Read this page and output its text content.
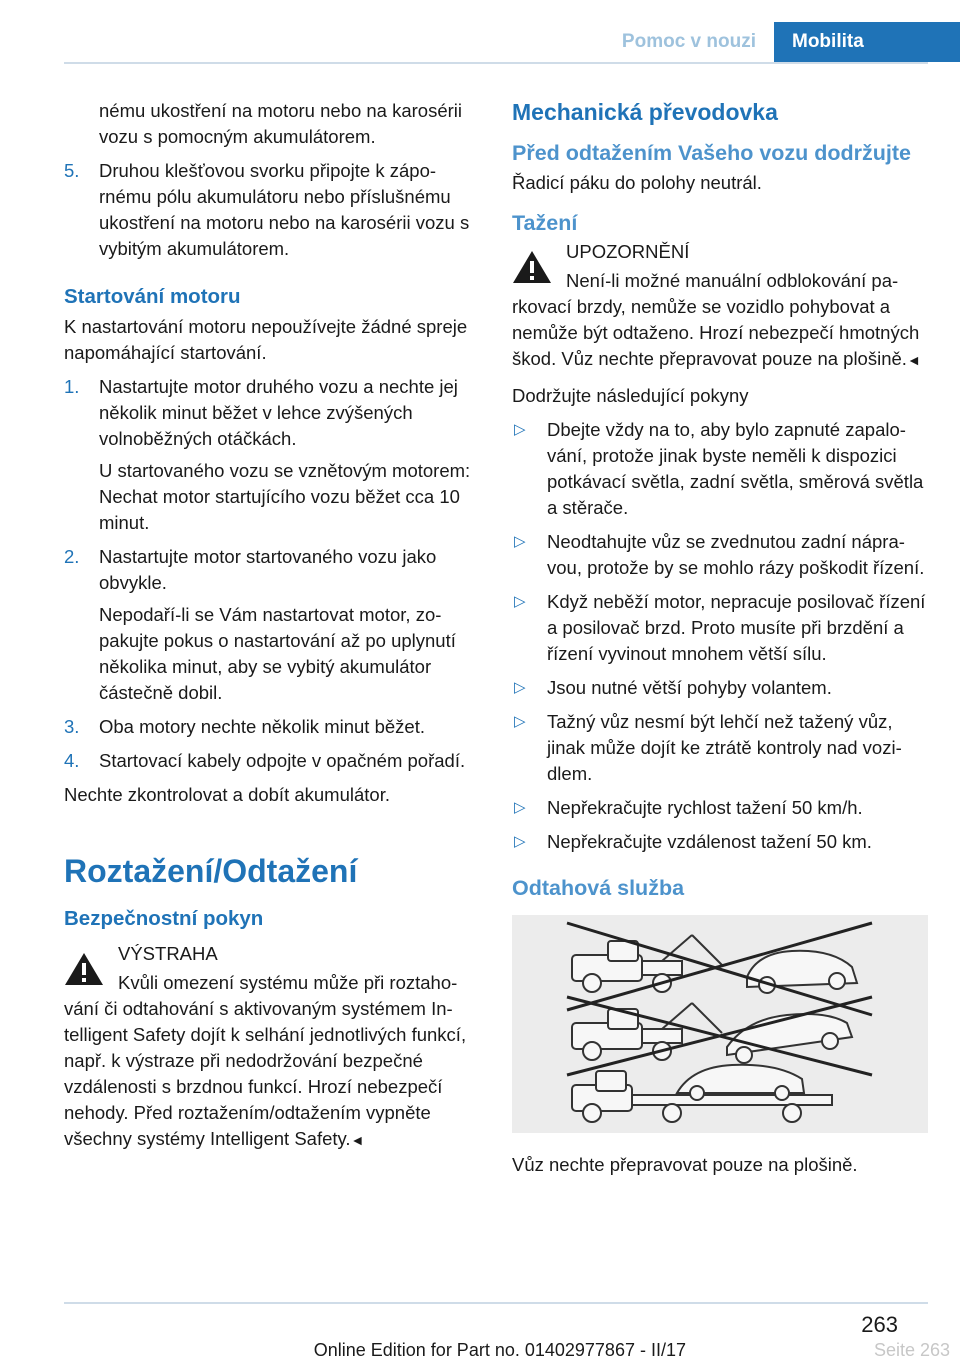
Pomoc v nouzi	Mobilita
nému ukostření na motoru nebo na karosérii vozu s pomocným akumulátorem.
5. Druhou klešťovou svorku připojte k zápornému pólu akumulátoru nebo příslušnému ukostření na motoru nebo na karosérii vozu s vybitým akumulátorem.
Startování motoru

K nastartování motoru nepoužívejte žádné spreje napomáhající startování.

1. Nastartujte motor druhého vozu a nechte jej několik minut běžet v lehce zvýšených volnoběžných otáčkách.
U startovaného vozu se vznětovým motorem: Nechat motor startujícího vozu běžet cca 10 minut.
2. Nastartujte motor startovaného vozu jako obvykle.
Nepodaří-li se Vám nastartovat motor, zopakujte pokus o nastartování až po uplynutí několika minut, aby se vybitý akumulátor částečně dobil.
3. Oba motory nechte několik minut běžet.
4. Startovací kabely odpojte v opačném pořadí.

Nechte zkontrolovat a dobít akumulátor.

Roztažení/Odtažení
Bezpečnostní pokyn
VÝSTRAHA

Kvůli omezení systému může při roztahování či odtahování s aktivovaným systémem Intelligent Safety dojít k selhání jednotlivých funkcí, např. k výstraze při nedodržování bezpečné vzdálenosti s brzdnou funkcí. Hrozí nebezpečí nehody. Před roztažením/odtažením vypněte všechny systémy Intelligent Safety.◄

Mechanická převodovka
Před odtažením Vašeho vozu dodržujte

Řadicí páku do polohy neutrál.

Tažení
UPOZORNĚNÍ

Není-li možné manuální odblokování parkovací brzdy, nemůže se vozidlo pohybovat a nemůže být odtaženo. Hrozí nebezpečí hmotných škod. Vůz nechte přepravovat pouze na plošině.◄

Dodržujte následující pokyny

▷ Dbejte vždy na to, aby bylo zapnuté zapalování, protože jinak byste neměli k dispozici potkávací světla, zadní světla, směrová světla a stěrače.
▷ Neodtahujte vůz se zvednutou zadní nápravou, protože by se mohlo rázy poškodit řízení.
▷ Když neběží motor, nepracuje posilovač řízení a posilovač brzd. Proto musíte při brzdění a řízení vyvinout mnohem větší sílu.
▷ Jsou nutné větší pohyby volantem.
▷ Tažný vůz nesmí být lehčí než tažený vůz, jinak může dojít ke ztrátě kontroly nad vozidlem.
▷ Nepřekračujte rychlost tažení 50 km/h.
▷ Nepřekračujte vzdálenost tažení 50 km.
Odtahová služba

Vůz nechte přepravovat pouze na plošině.

263
Online Edition for Part no. 01402977867 - II/17	Seite 263
